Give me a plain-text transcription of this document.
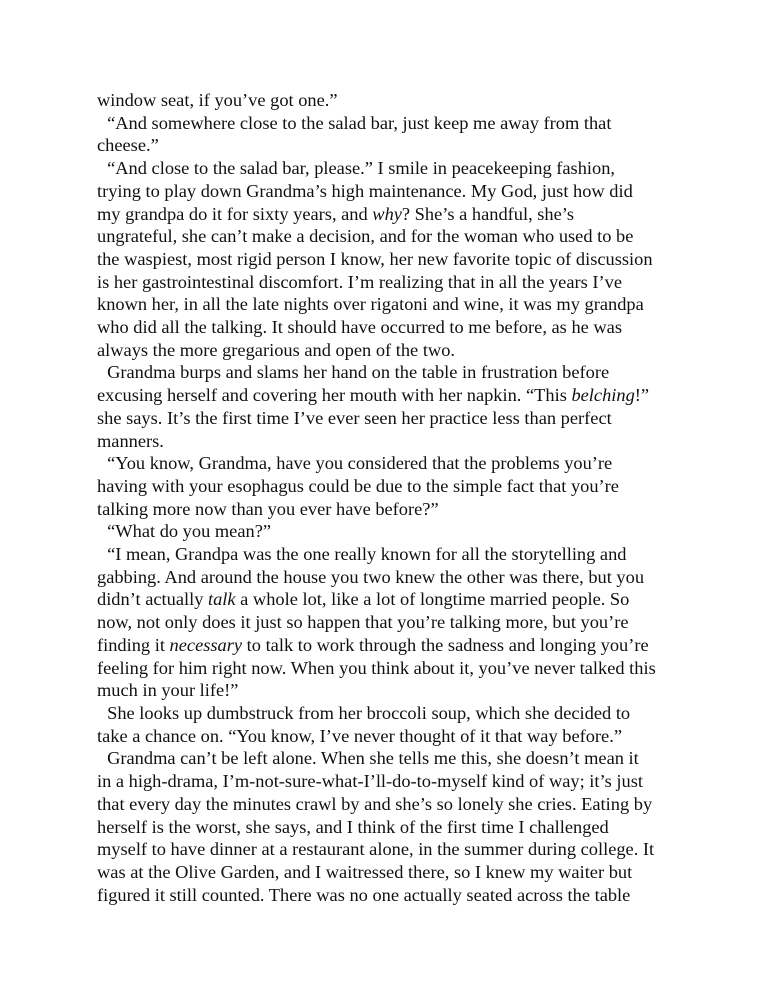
window seat, if you’ve got one.”
“And somewhere close to the salad bar, just keep me away from that
cheese.”
“And close to the salad bar, please.” I smile in peacekeeping fashion,
trying to play down Grandma’s high maintenance. My God, just how did
my grandpa do it for sixty years, and why? She’s a handful, she’s
ungrateful, she can’t make a decision, and for the woman who used to be
the waspiest, most rigid person I know, her new favorite topic of discussion
is her gastrointestinal discomfort. I’m realizing that in all the years I’ve
known her, in all the late nights over rigatoni and wine, it was my grandpa
who did all the talking. It should have occurred to me before, as he was
always the more gregarious and open of the two.
Grandma burps and slams her hand on the table in frustration before
excusing herself and covering her mouth with her napkin. “This belching!”
she says. It’s the first time I’ve ever seen her practice less than perfect
manners.
“You know, Grandma, have you considered that the problems you’re
having with your esophagus could be due to the simple fact that you’re
talking more now than you ever have before?”
“What do you mean?”
“I mean, Grandpa was the one really known for all the storytelling and
gabbing. And around the house you two knew the other was there, but you
didn’t actually talk a whole lot, like a lot of longtime married people. So
now, not only does it just so happen that you’re talking more, but you’re
finding it necessary to talk to work through the sadness and longing you’re
feeling for him right now. When you think about it, you’ve never talked this
much in your life!”
She looks up dumbstruck from her broccoli soup, which she decided to
take a chance on. “You know, I’ve never thought of it that way before.”
Grandma can’t be left alone. When she tells me this, she doesn’t mean it
in a high-drama, I’m-not-sure-what-I’ll-do-to-myself kind of way; it’s just
that every day the minutes crawl by and she’s so lonely she cries. Eating by
herself is the worst, she says, and I think of the first time I challenged
myself to have dinner at a restaurant alone, in the summer during college. It
was at the Olive Garden, and I waitressed there, so I knew my waiter but
figured it still counted. There was no one actually seated across the table
